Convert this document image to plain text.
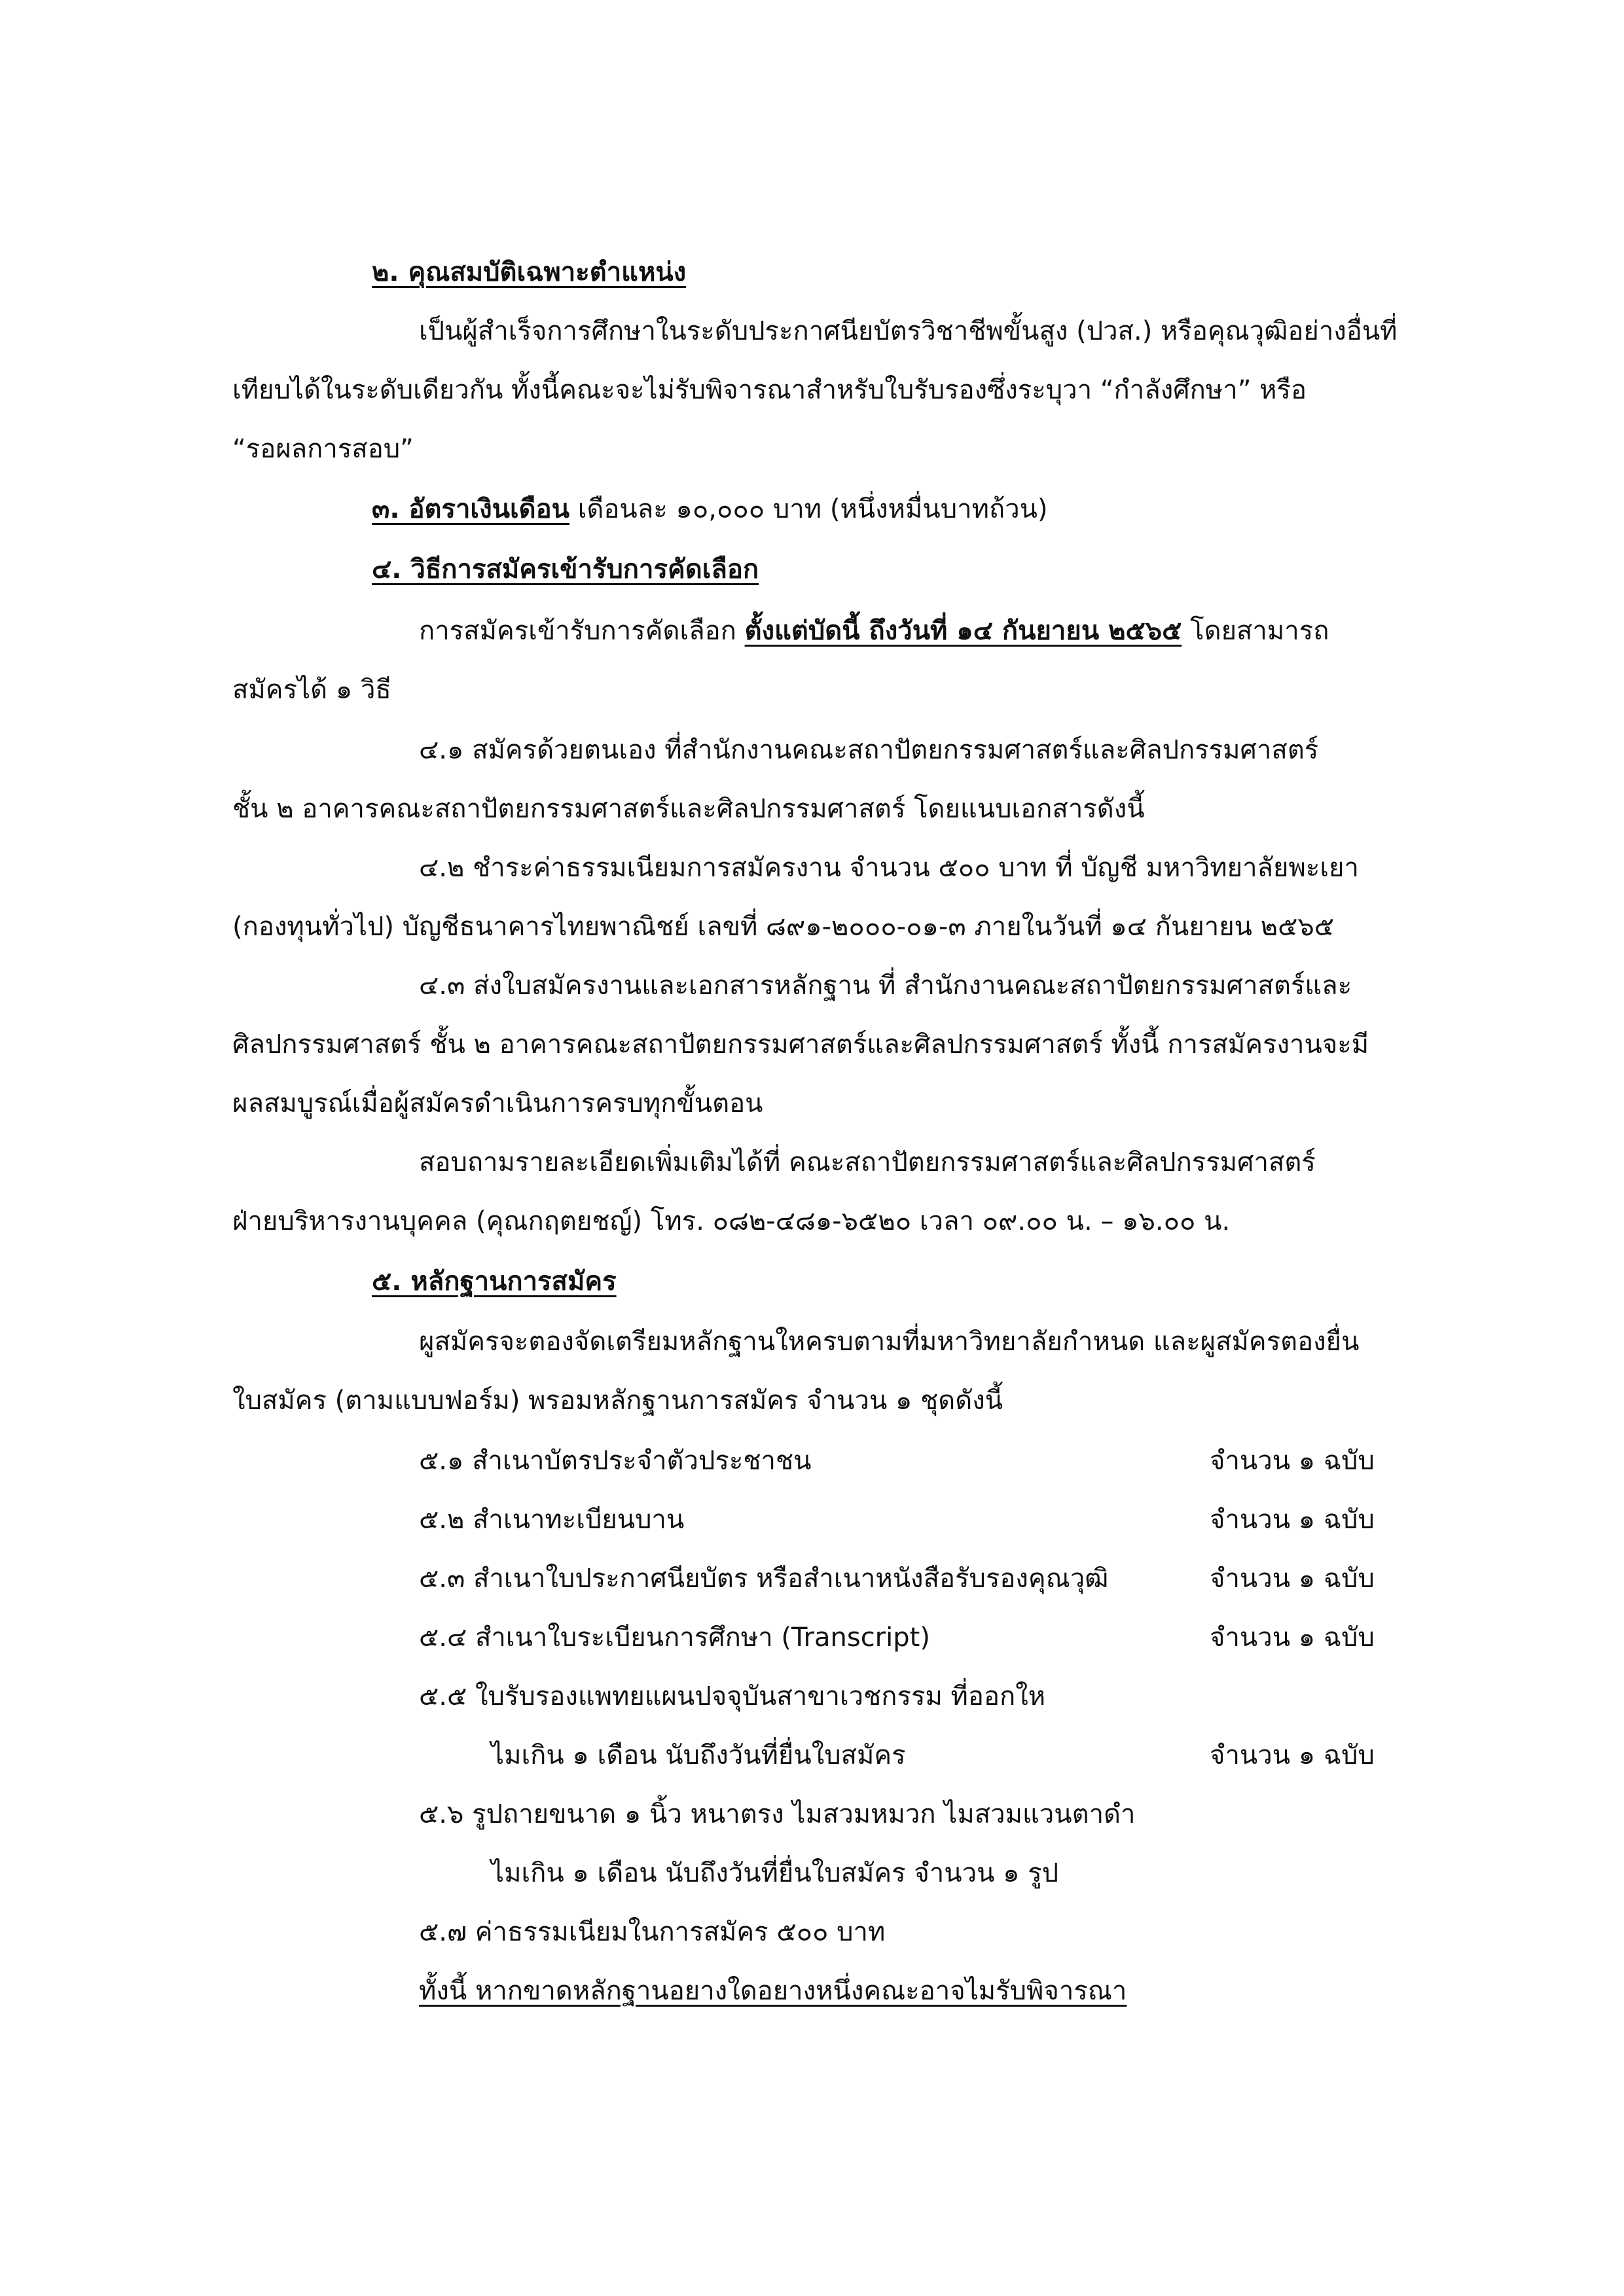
๒. คุณสมบัติเฉพาะตำแหน่ง
เป็นผู้สำเร็จการศึกษาในระดับประกาศนียบัตรวิชาชีพขั้นสูง (ปวส.) หรือคุณวุฒิอย่างอื่นที่
เทียบได้ในระดับเดียวกัน ทั้งนี้คณะจะไม่รับพิจารณาสำหรับใบรับรองซึ่งระบุวา “กำลังศึกษา” หรือ
“รอผลการสอบ”
๓. อัตราเงินเดือน เดือนละ ๑๐,๐๐๐ บาท (หนึ่งหมื่นบาทถ้วน)
๔. วิธีการสมัครเข้ารับการคัดเลือก
การสมัครเข้ารับการคัดเลือก ตั้งแต่บัดนี้ ถึงวันที่ ๑๔ กันยายน ๒๕๖๕ โดยสามารถ
สมัครได้ ๑ วิธี
๔.๑ สมัครด้วยตนเอง ที่สำนักงานคณะสถาปัตยกรรมศาสตร์และศิลปกรรมศาสตร์
ชั้น ๒ อาคารคณะสถาปัตยกรรมศาสตร์และศิลปกรรมศาสตร์ โดยแนบเอกสารดังนี้
๔.๒ ชำระค่าธรรมเนียมการสมัครงาน จำนวน ๕๐๐ บาท ที่ บัญชี มหาวิทยาลัยพะเยา
(กองทุนทั่วไป) บัญชีธนาคารไทยพาณิชย์ เลขที่ ๘๙๑-๒๐๐๐-๐๑-๓ ภายในวันที่ ๑๔ กันยายน ๒๕๖๕
๔.๓ ส่งใบสมัครงานและเอกสารหลักฐาน ที่ สำนักงานคณะสถาปัตยกรรมศาสตร์และ
ศิลปกรรมศาสตร์ ชั้น ๒ อาคารคณะสถาปัตยกรรมศาสตร์และศิลปกรรมศาสตร์ ทั้งนี้ การสมัครงานจะมี
ผลสมบูรณ์เมื่อผู้สมัครดำเนินการครบทุกขั้นตอน
สอบถามรายละเอียดเพิ่มเติมได้ที่ คณะสถาปัตยกรรมศาสตร์และศิลปกรรมศาสตร์
ฝ่ายบริหารงานบุคคล (คุณกฤตยชญ์) โทร. ๐๘๒-๔๘๑-๖๕๒๐ เวลา ๐๙.๐๐ น. – ๑๖.๐๐ น.
๕. หลักฐานการสมัคร
ผูสมัครจะตองจัดเตรียมหลักฐานใหครบตามที่มหาวิทยาลัยกำหนด และผูสมัครตองยื่น
ใบสมัคร (ตามแบบฟอร์ม) พรอมหลักฐานการสมัคร จำนวน ๑ ชุดดังนี้
๕.๑ สำเนาบัตรประจำตัวประชาชน	จำนวน ๑ ฉบับ
๕.๒ สำเนาทะเบียนบาน	จำนวน ๑ ฉบับ
๕.๓ สำเนาใบประกาศนียบัตร หรือสำเนาหนังสือรับรองคุณวุฒิ	จำนวน ๑ ฉบับ
๕.๔ สำเนาใบระเบียนการศึกษา (Transcript)	จำนวน ๑ ฉบับ
๕.๕ ใบรับรองแพทยแผนปจจุบันสาขาเวชกรรม ที่ออกให
ไมเกิน ๑ เดือน นับถึงวันที่ยื่นใบสมัคร	จำนวน ๑ ฉบับ
๕.๖ รูปถายขนาด ๑ นิ้ว หนาตรง ไมสวมหมวก ไมสวมแวนตาดำ
ไมเกิน ๑ เดือน นับถึงวันที่ยื่นใบสมัคร จำนวน ๑ รูป
๕.๗ ค่าธรรมเนียมในการสมัคร ๕๐๐ บาท
ทั้งนี้ หากขาดหลักฐานอยางใดอยางหนึ่งคณะอาจไมรับพิจารณา
